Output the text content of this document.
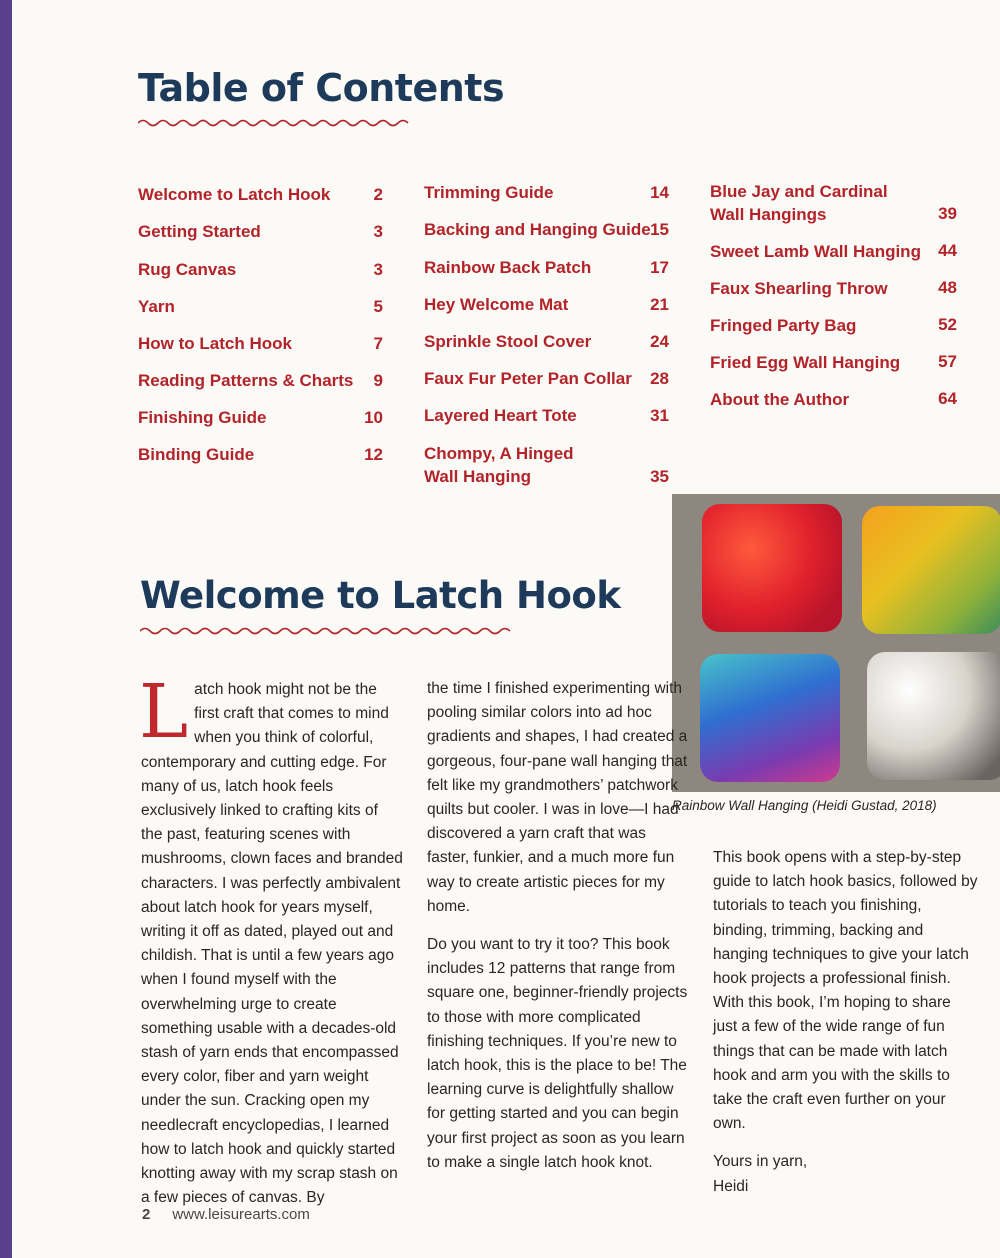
Table of Contents
Welcome to Latch Hook	2
Getting Started	3
Rug Canvas	3
Yarn	5
How to Latch Hook	7
Reading Patterns & Charts	9
Finishing Guide	10
Binding Guide	12
Trimming Guide	14
Backing and Hanging Guide 15
Rainbow Back Patch	17
Hey Welcome Mat	21
Sprinkle Stool Cover	24
Faux Fur Peter Pan Collar	28
Layered Heart Tote	31
Chompy, A Hinged
Wall Hanging	35
Blue Jay and Cardinal
Wall Hangings	39
Sweet Lamb Wall Hanging	44
Faux Shearling Throw	48
Fringed Party Bag	52
Fried Egg Wall Hanging	57
About the Author	64
Rainbow Wall Hanging (Heidi Gustad, 2018)
Welcome to Latch Hook

Latch hook might not be the first craft that comes to mind when you think of colorful, contemporary and cutting edge. For many of us, latch hook feels exclusively linked to crafting kits of the past, featuring scenes with mushrooms, clown faces and branded characters. I was perfectly ambivalent about latch hook for years myself, writing it off as dated, played out and childish. That is until a few years ago when I found myself with the overwhelming urge to create something usable with a decades-old stash of yarn ends that encompassed every color, fiber and yarn weight under the sun. Cracking open my needlecraft encyclopedias, I learned how to latch hook and quickly started knotting away with my scrap stash on a few pieces of canvas. By

the time I finished experimenting with pooling similar colors into ad hoc gradients and shapes, I had created a gorgeous, four-pane wall hanging that felt like my grandmothers’ patchwork quilts but cooler. I was in love—I had discovered a yarn craft that was faster, funkier, and a much more fun way to create artistic pieces for my home.

Do you want to try it too? This book includes 12 patterns that range from square one, beginner-friendly projects to those with more complicated finishing techniques. If you’re new to latch hook, this is the place to be! The learning curve is delightfully shallow for getting started and you can begin your first project as soon as you learn to make a single latch hook knot.

This book opens with a step-by-step guide to latch hook basics, followed by tutorials to teach you finishing, binding, trimming, backing and hanging techniques to give your latch hook projects a professional finish. With this book, I’m hoping to share just a few of the wide range of fun things that can be made with latch hook and arm you with the skills to take the craft even further on your own.

Yours in yarn,

Heidi

2 www.leisurearts.com
